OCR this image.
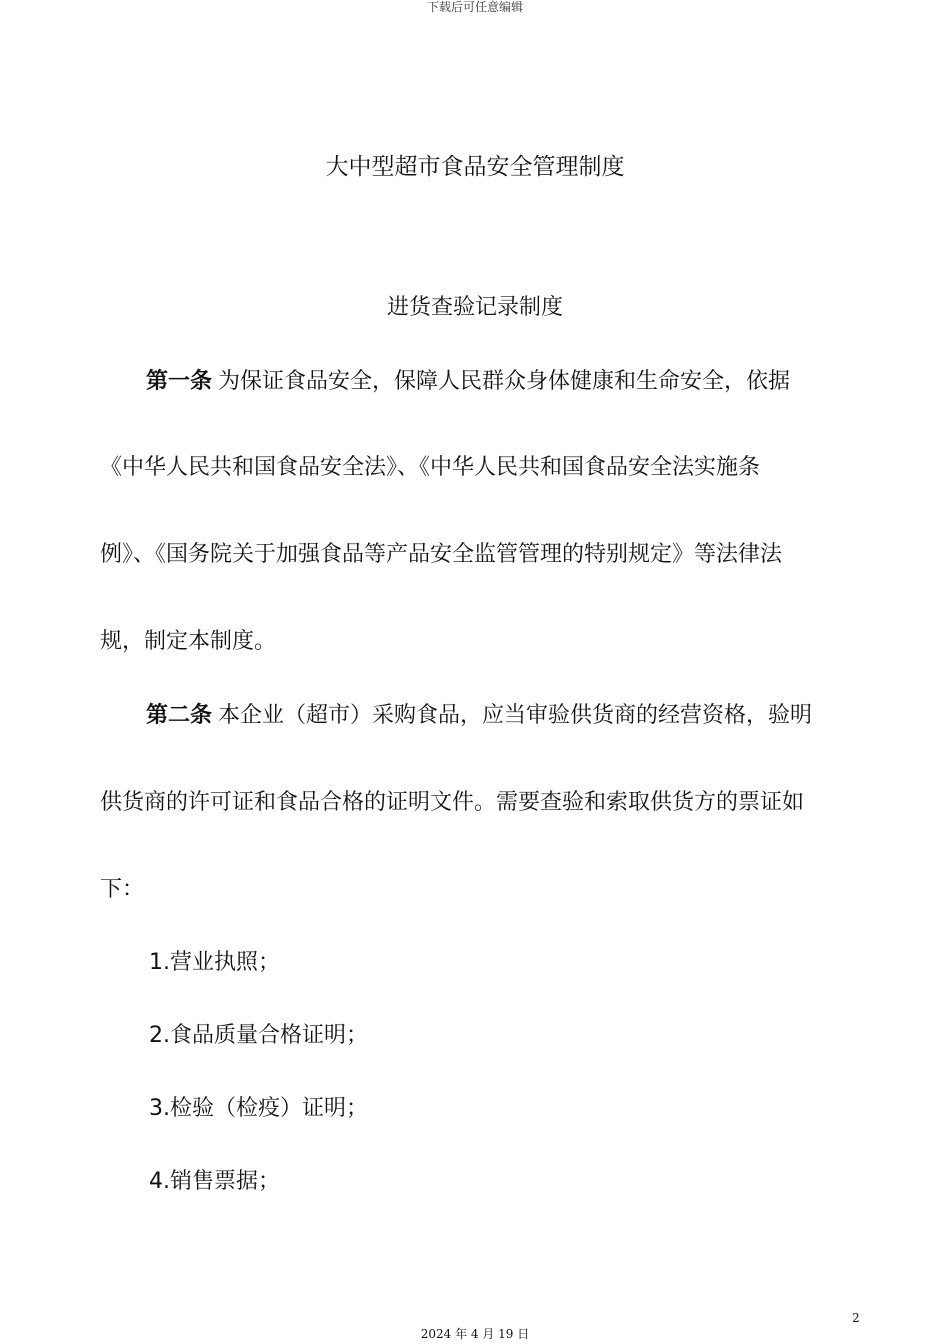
下载后可任意编辑
大中型超市食品安全管理制度
进货查验记录制度
第一条 为保证食品安全，保障人民群众身体健康和生命安全，依据
《中华人民共和国食品安全法》、《中华人民共和国食品安全法实施条
例》、《国务院关于加强食品等产品安全监管管理的特别规定》等法律法
规，制定本制度。
第二条 本企业（超市）采购食品，应当审验供货商的经营资格，验明
供货商的许可证和食品合格的证明文件。需要查验和索取供货方的票证如
下：
1.营业执照；
2.食品质量合格证明；
3.检验（检疫）证明；
4.销售票据；
2
2024 年 4 月 19 日
